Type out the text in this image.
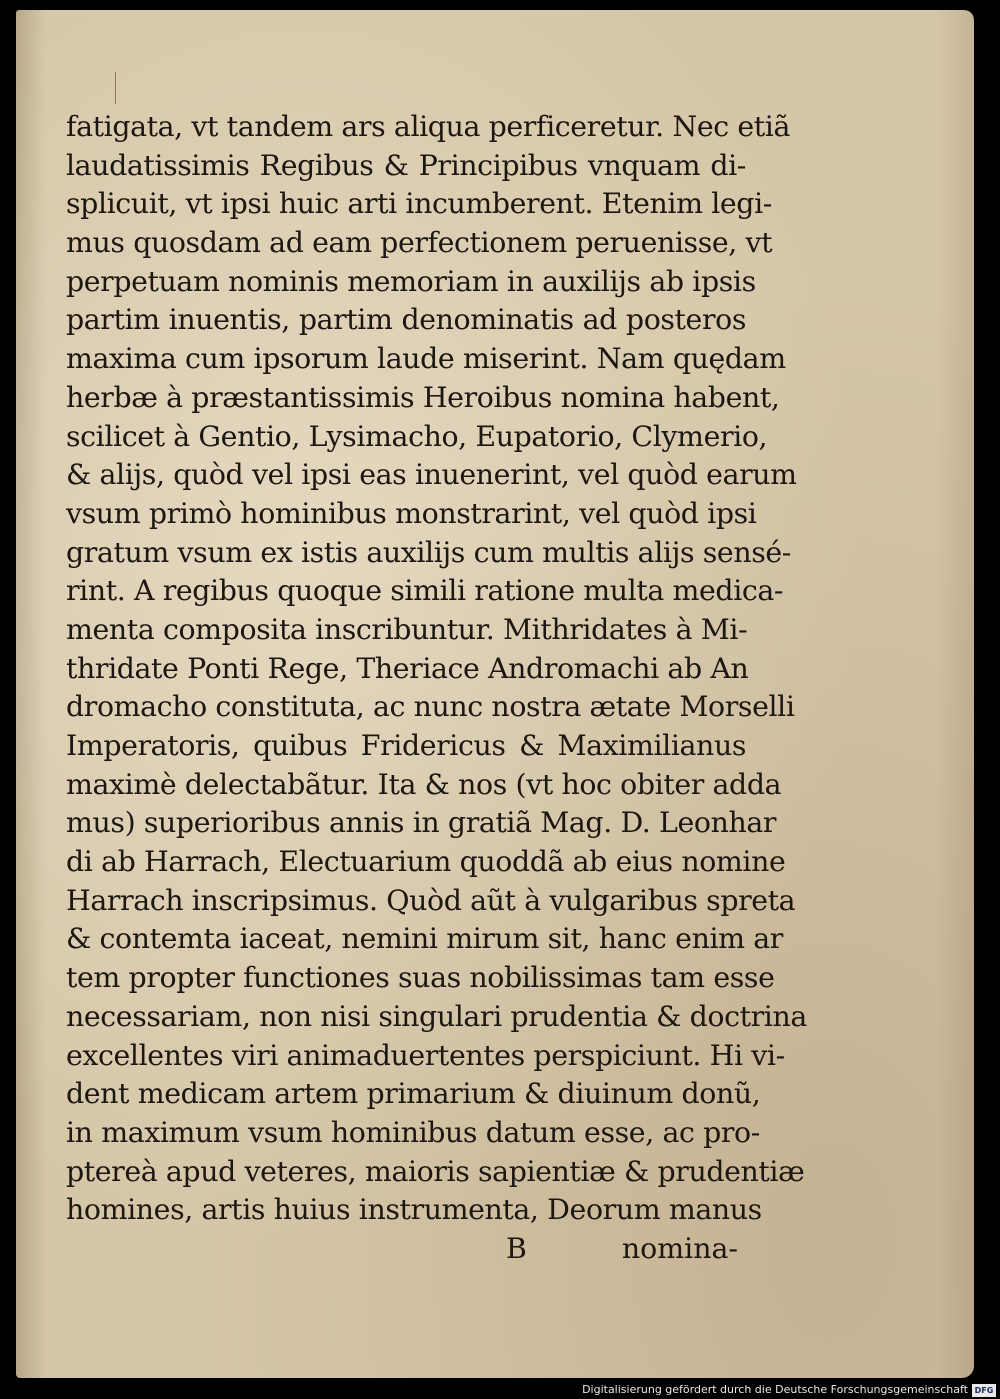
fatigata, vt tandem ars aliqua perficeretur. Nec etiã
laudatissimis Regibus & Principibus vnquam di-
splicuit, vt ipsi huic arti incumberent. Etenim legi-
mus quosdam ad eam perfectionem peruenisse, vt
perpetuam nominis memoriam in auxilijs ab ipsis
partim inuentis, partim denominatis ad posteros
maxima cum ipsorum laude miserint. Nam quędam
herbæ à præstantissimis Heroibus nomina habent,
scilicet à Gentio, Lysimacho, Eupatorio, Clymerio,
& alijs, quòd vel ipsi eas inuenerint, vel quòd earum
vsum primò hominibus monstrarint, vel quòd ipsi
gratum vsum ex istis auxilijs cum multis alijs sensé-
rint. A regibus quoque simili ratione multa medica-
menta composita inscribuntur. Mithridates à Mi-
thridate Ponti Rege, Theriace Andromachi ab An
dromacho constituta, ac nunc nostra ætate Morselli
Imperatoris, quibus Fridericus & Maximilianus
maximè delectabãtur. Ita & nos (vt hoc obiter adda
mus) superioribus annis in gratiã Mag. D. Leonhar
di ab Harrach, Electuarium quoddã ab eius nomine
Harrach inscripsimus. Quòd aũt à vulgaribus spreta
& contemta iaceat, nemini mirum sit, hanc enim ar
tem propter functiones suas nobilissimas tam esse
necessariam, non nisi singulari prudentia & doctrina
excellentes viri animaduertentes perspiciunt. Hi vi-
dent medicam artem primarium & diuinum donũ,
in maximum vsum hominibus datum esse, ac pro-
ptereà apud veteres, maioris sapientiæ & prudentiæ
homines, artis huius instrumenta, Deorum manus
B	nomina-
Digitalisierung gefördert durch die Deutsche Forschungsgemeinschaft DFG
